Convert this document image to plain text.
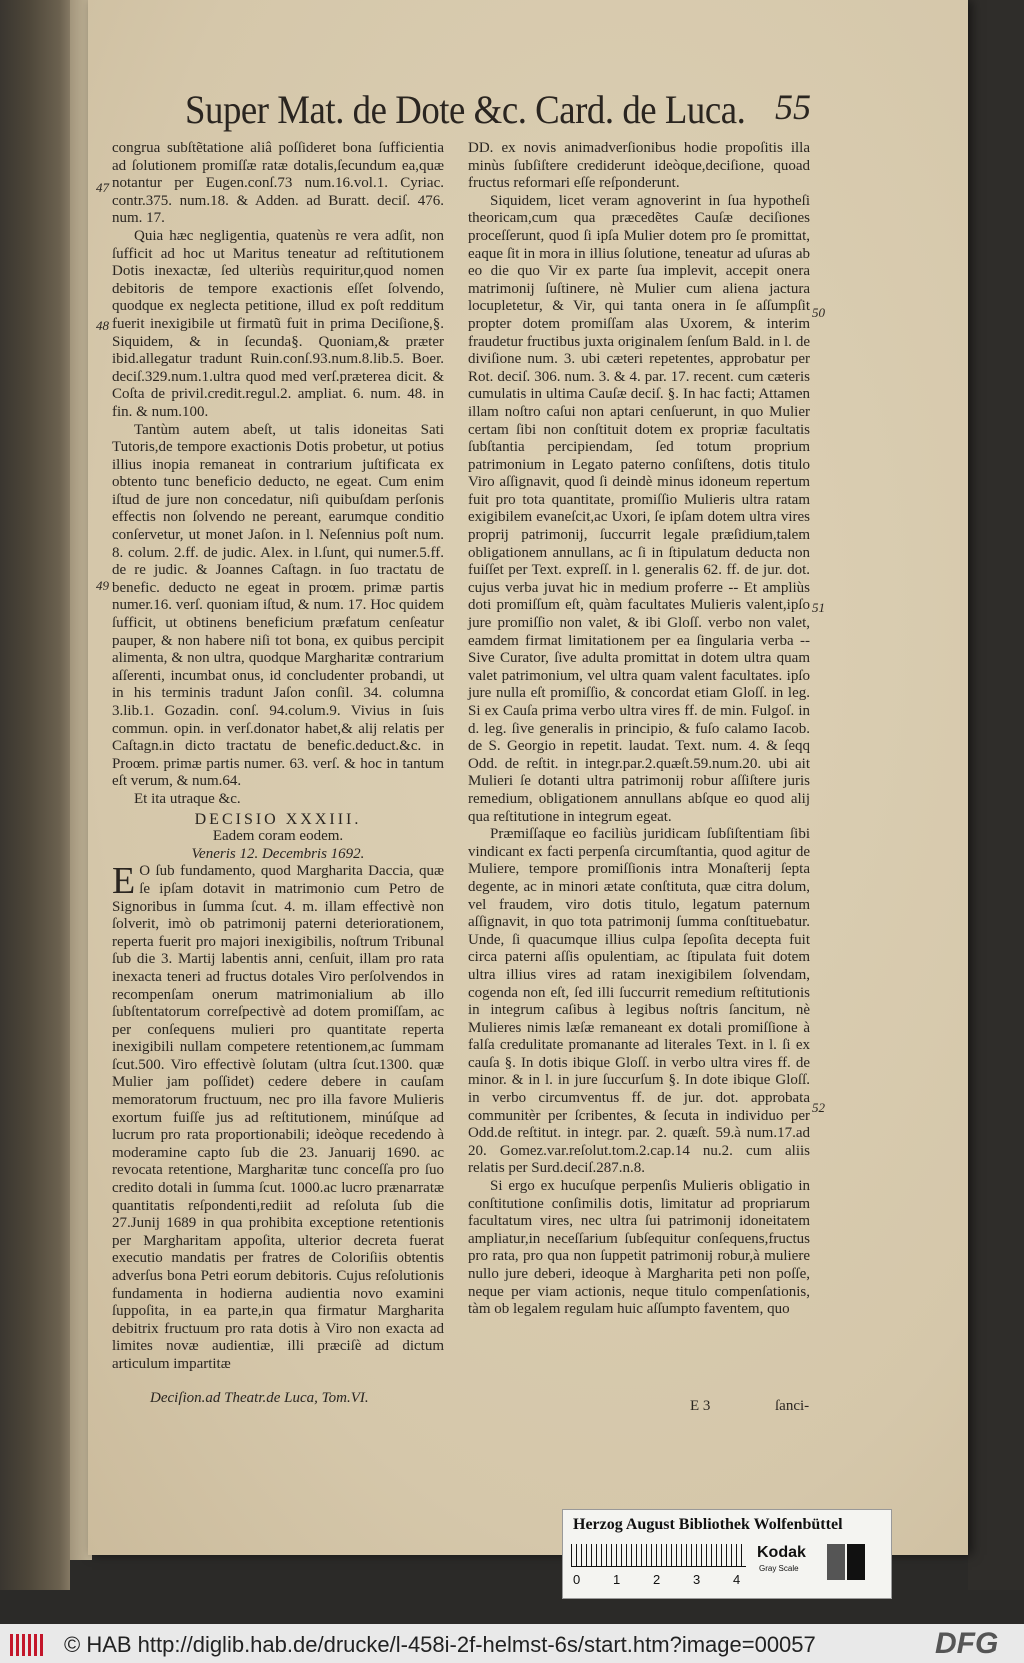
Super Mat. de Dote &c. Card. de Luca. 55

congrua subſtẽtatione aliâ poſſideret bona ſufficientia ad ſolutionem promiſſæ ratæ dotalis,ſecundum ea,quæ notantur per Eugen.conſ.73 num.16.vol.1. Cyriac. contr.375. num.18. & Adden. ad Buratt. deciſ. 476. num. 17.

Quia hæc negligentia, quatenùs re vera adſit, non ſufficit ad hoc ut Maritus teneatur ad reſtitutionem Dotis inexactæ, ſed ulteriùs requiritur,quod nomen debitoris de tempore exactionis eſſet ſolvendo, quodque ex neglecta petitione, illud ex poſt redditum fuerit inexigibile ut firmatũ fuit in prima Deciſione,§. Siquidem, & in ſecunda§. Quoniam,& præter ibid.allegatur tradunt Ruin.conſ.93.num.8.lib.5. Boer. deciſ.329.num.1.ultra quod med verſ.præterea dicit. & Coſta de privil.credit.regul.2. ampliat. 6. num. 48. in fin. & num.100.

Tantùm autem abeſt, ut talis idoneitas Sati Tutoris,de tempore exactionis Dotis probetur, ut potius illius inopia remaneat in contrarium juſtificata ex obtento tunc beneficio deducto, ne egeat. Cum enim iſtud de jure non concedatur, niſi quibuſdam perſonis effectis non ſolvendo ne pereant, earumque conditio conſervetur, ut monet Jaſon. in l. Neſennius poſt num. 8. colum. 2.ff. de judic. Alex. in l.ſunt, qui numer.5.ff. de re judic. & Joannes Caſtagn. in ſuo tractatu de benefic. deducto ne egeat in proœm. primæ partis numer.16. verſ. quoniam iſtud, & num. 17. Hoc quidem ſufficit, ut obtinens beneficium præfatum cenſeatur pauper, & non habere niſi tot bona, ex quibus percipit alimenta, & non ultra, quodque Margharitæ contrarium aſſerenti, incumbat onus, id concludenter probandi, ut in his terminis tradunt Jaſon conſil. 34. columna 3.lib.1. Gozadin. conſ. 94.colum.9. Vivius in ſuis commun. opin. in verſ.donator habet,& alij relatis per Caſtagn.in dicto tractatu de benefic.deduct.&c. in Proœm. primæ partis numer. 63. verſ. & hoc in tantum eſt verum, & num.64.

Et ita utraque &c.

DECISIO XXXIII.

Eadem coram eodem.

Veneris 12. Decembris 1692.

E O ſub fundamento, quod Margharita Daccia, quæ ſe ipſam dotavit in matrimonio cum Petro de Signoribus in ſumma ſcut. 4. m. illam effectivè non ſolverit, imò ob patrimonij paterni deteriorationem, reperta fuerit pro majori inexigibilis, noſtrum Tribunal ſub die 3. Martij labentis anni, cenſuit, illam pro rata inexacta teneri ad fructus dotales Viro perſolvendos in recompenſam onerum matrimonialium ab illo ſubſtentatorum correſpectivè ad dotem promiſſam, ac per conſequens mulieri pro quantitate reperta inexigibili nullam competere retentionem,ac ſummam ſcut.500. Viro effectivè ſolutam (ultra ſcut.1300. quæ Mulier jam poſſidet) cedere debere in cauſam memoratorum fructuum, nec pro illa favore Mulieris exortum fuiſſe jus ad reſtitutionem, minúſque ad lucrum pro rata proportionabili; ideòque recedendo à moderamine capto ſub die 23. Januarij 1690. ac revocata retentione, Margharitæ tunc conceſſa pro ſuo credito dotali in ſumma ſcut. 1000.ac lucro prænarratæ quantitatis reſpondenti,rediit ad reſoluta ſub die 27.Junij 1689 in qua prohibita exceptione retentionis per Margharitam appoſita, ulterior decreta fuerat executio mandatis per fratres de Coloriſiis obtentis adverſus bona Petri eorum debitoris. Cujus reſolutionis fundamenta in hodierna audientia novo examini ſuppoſita, in ea parte,in qua firmatur Margharita debitrix fructuum pro rata dotis à Viro non exacta ad limites novæ audientiæ, illi præciſè ad dictum articulum impartitæ

DD. ex novis animadverſionibus hodie propoſitis illa minùs ſubſiſtere crediderunt ideòque,deciſione, quoad fructus reformari eſſe reſponderunt.

Siquidem, licet veram agnoverint in ſua hypotheſi theoricam,cum qua præcedẽtes Cauſæ deciſiones proceſſerunt, quod ſi ipſa Mulier dotem pro ſe promittat, eaque ſit in mora in illius ſolutione, teneatur ad uſuras ab eo die quo Vir ex parte ſua implevit, accepit onera matrimonij ſuſtinere, nè Mulier cum aliena jactura locupletetur, & Vir, qui tanta onera in ſe aſſumpſit propter dotem promiſſam alas Uxorem, & interim fraudetur fructibus juxta originalem ſenſum Bald. in l. de diviſione num. 3. ubi cæteri repetentes, approbatur per Rot. deciſ. 306. num. 3. & 4. par. 17. recent. cum cæteris cumulatis in ultima Cauſæ deciſ. §. In hac facti; Attamen illam noſtro caſui non aptari cenſuerunt, in quo Mulier certam ſibi non conſtituit dotem ex propriæ facultatis ſubſtantia percipiendam, ſed totum proprium patrimonium in Legato paterno conſiſtens, dotis titulo Viro aſſignavit, quod ſi deindè minus idoneum repertum fuit pro tota quantitate, promiſſio Mulieris ultra ratam exigibilem evaneſcit,ac Uxori, ſe ipſam dotem ultra vires proprij patrimonij, ſuccurrit legale præſidium,talem obligationem annullans, ac ſi in ſtipulatum deducta non fuiſſet per Text. expreſſ. in l. generalis 62. ff. de jur. dot. cujus verba juvat hic in medium proferre -- Et ampliùs doti promiſſum eſt, quàm facultates Mulieris valent,ipſo jure promiſſio non valet, & ibi Gloſſ. verbo non valet, eamdem firmat limitationem per ea ſingularia verba -- Sive Curator, ſive adulta promittat in dotem ultra quam valet patrimonium, vel ultra quam valent facultates. ipſo jure nulla eſt promiſſio, & concordat etiam Gloſſ. in leg. Si ex Cauſa prima verbo ultra vires ff. de min. Fulgoſ. in d. leg. ſive generalis in principio, & fuſo calamo Iacob. de S. Georgio in repetit. laudat. Text. num. 4. & ſeqq Odd. de reſtit. in integr.par.2.quæſt.59.num.20. ubi ait Mulieri ſe dotanti ultra patrimonij robur aſſiſtere juris remedium, obligationem annullans abſque eo quod alij qua reſtitutione in integrum egeat.

Præmiſſaque eo faciliùs juridicam ſubſiſtentiam ſibi vindicant ex facti perpenſa circumſtantia, quod agitur de Muliere, tempore promiſſionis intra Monaſterij ſepta degente, ac in minori ætate conſtituta, quæ citra dolum, vel fraudem, viro dotis titulo, legatum paternum aſſignavit, in quo tota patrimonij ſumma conſtituebatur. Unde, ſi quacumque illius culpa ſepoſita decepta fuit circa paterni aſſis opulentiam, ac ſtipulata fuit dotem ultra illius vires ad ratam inexigibilem ſolvendam, cogenda non eſt, ſed illi ſuccurrit remedium reſtitutionis in integrum caſibus à legibus noſtris ſancitum, nè Mulieres nimis læſæ remaneant ex dotali promiſſione à falſa credulitate promanante ad literales Text. in l. ſi ex cauſa §. In dotis ibique Gloſſ. in verbo ultra vires ff. de minor. & in l. in jure ſuccurſum §. In dote ibique Gloſſ. in verbo circumventus ff. de jur. dot. approbata communitèr per ſcribentes, & ſecuta in individuo per Odd.de reſtitut. in integr. par. 2. quæſt. 59.à num.17.ad 20. Gomez.var.reſolut.tom.2.cap.14 nu.2. cum aliis relatis per Surd.deciſ.287.n.8.

Si ergo ex hucuſque perpenſis Mulieris obligatio in conſtitutione conſimilis dotis, limitatur ad propriarum facultatum vires, nec ultra ſui patrimonij idoneitatem ampliatur,in neceſſarium ſubſequitur conſequens,fructus pro rata, pro qua non ſuppetit patrimonij robur,à muliere nullo jure deberi, ideoque à Margharita peti non poſſe, neque per viam actionis, neque titulo compenſationis, tàm ob legalem regulam huic aſſumpto faventem, quo

47
48
49
50
51
52
Deciſion.ad Theatr.de Luca, Tom.VI.	E 3	ſanci-
Herzog August Bibliothek Wolfenbüttel
0	1	2	3	4
Kodak
Gray Scale
© HAB http://diglib.hab.de/drucke/l-458i-2f-helmst-6s/start.htm?image=00057	DFG
